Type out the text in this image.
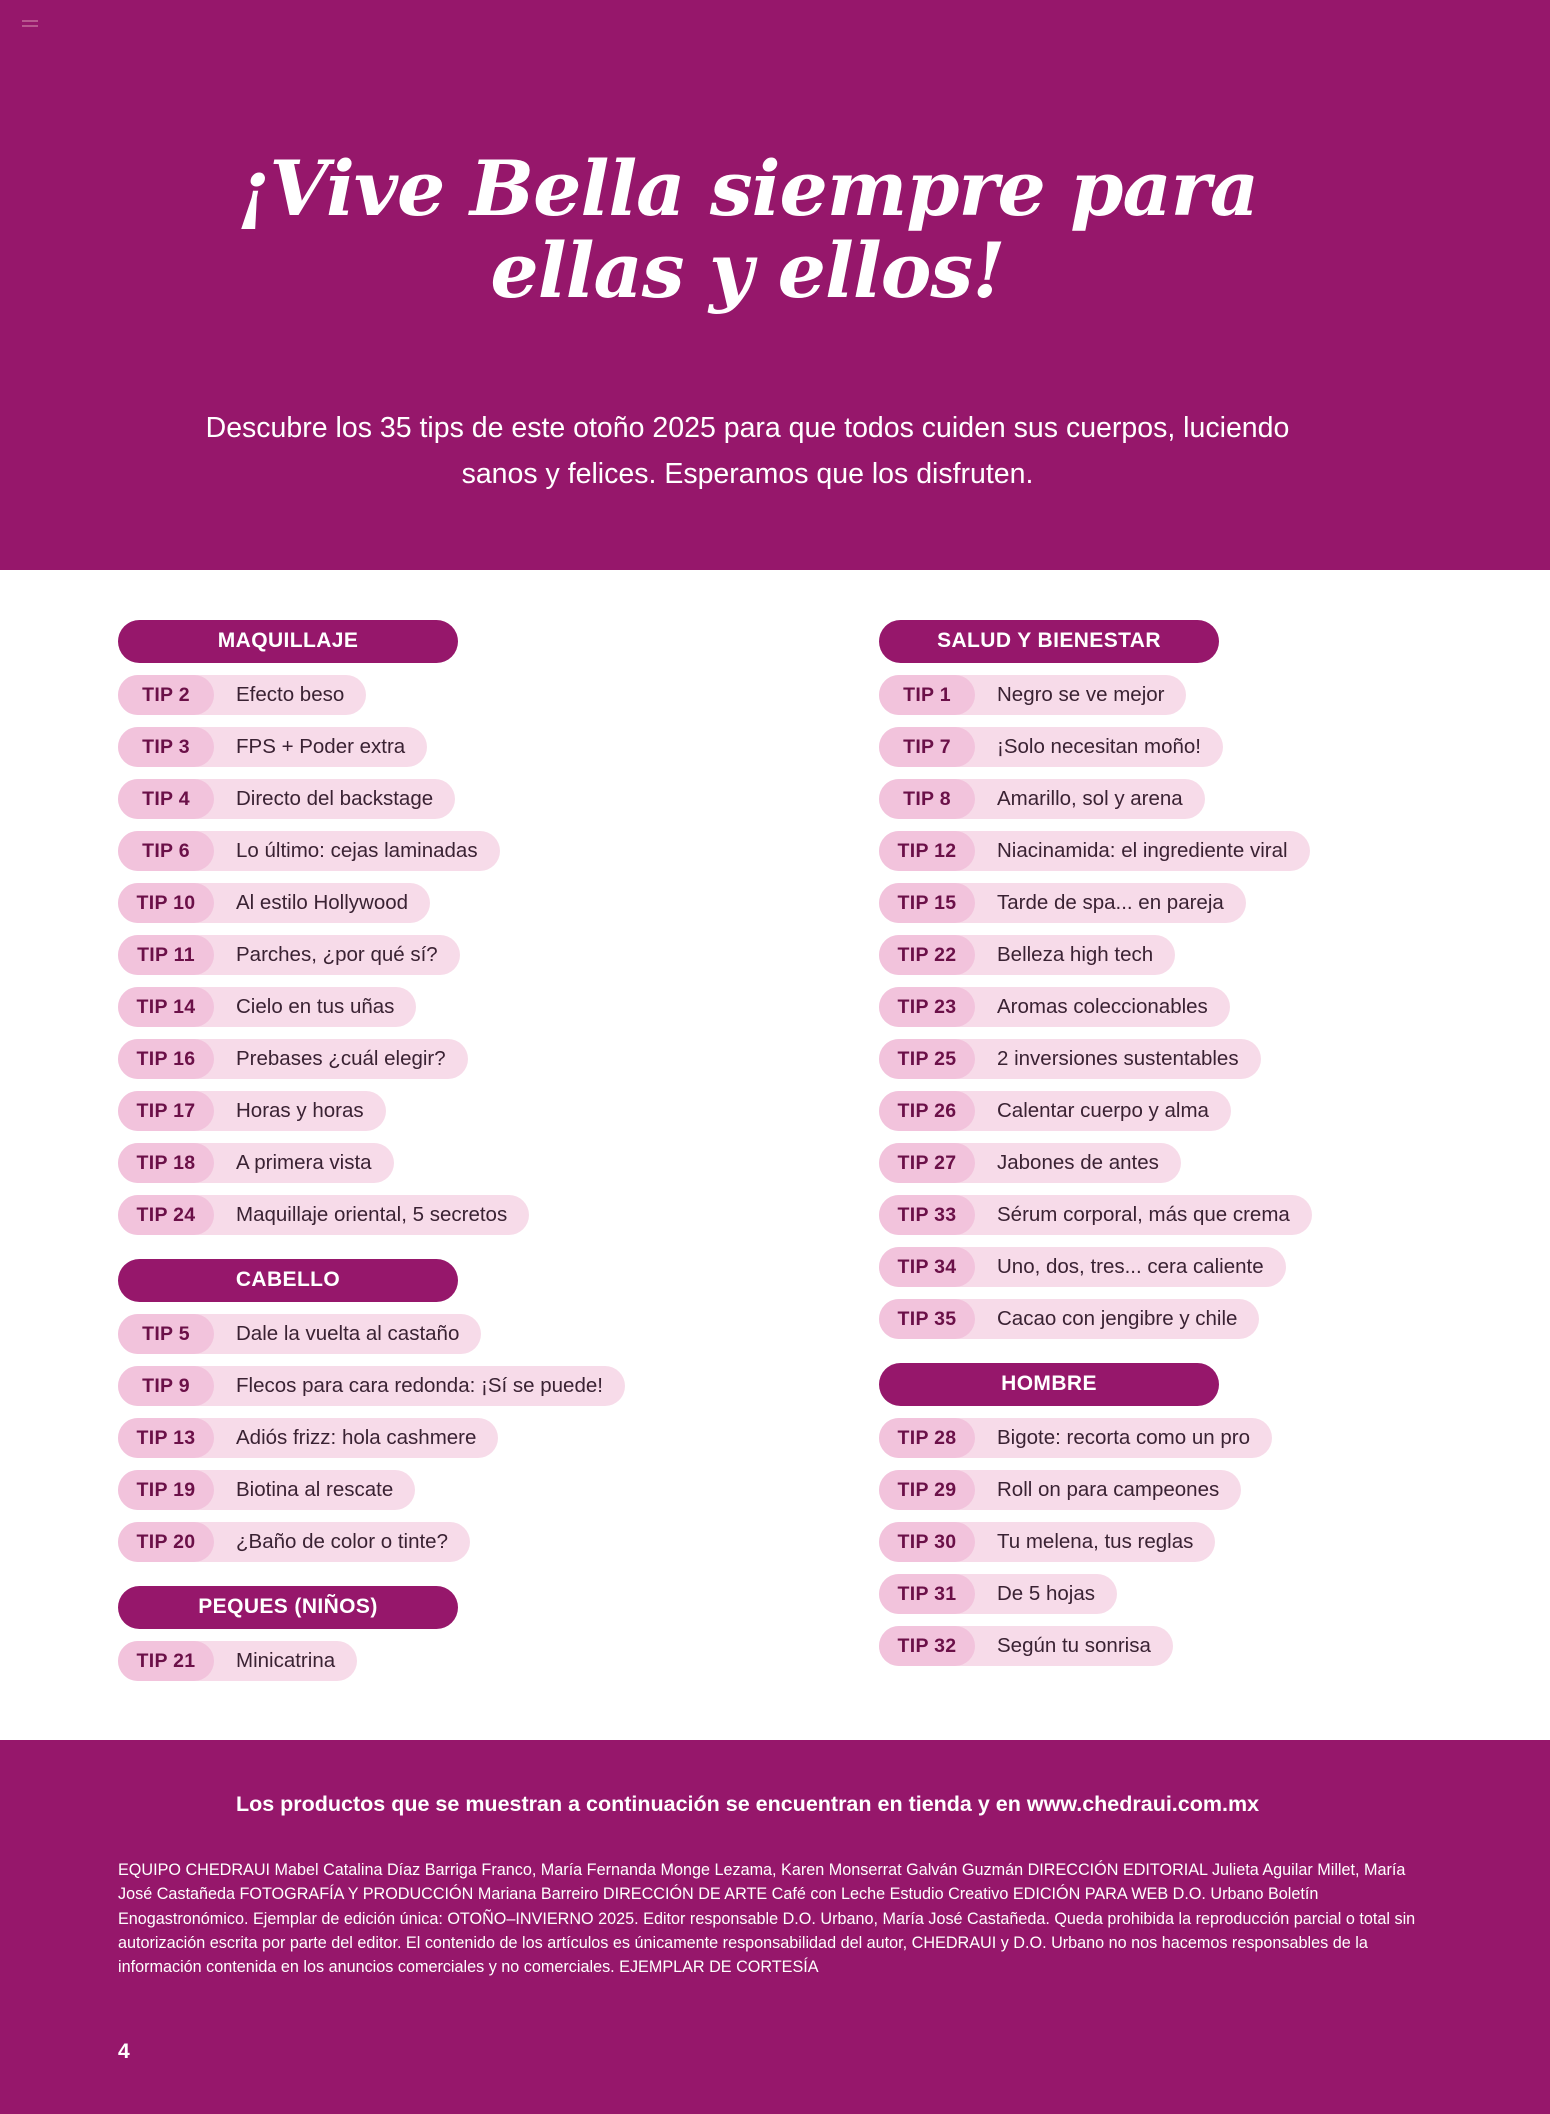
¡Vive Bella siempre para
ellas y ellos!
Descubre los 35 tips de este otoño 2025 para que todos cuiden sus cuerpos, luciendo sanos y felices. Esperamos que los disfruten.
MAQUILLAJE
TIP 2	Efecto beso

TIP 3	FPS + Poder extra

TIP 4	Directo del backstage

TIP 6	Lo último: cejas laminadas

TIP 10	Al estilo Hollywood

TIP 11	Parches, ¿por qué sí?

TIP 14	Cielo en tus uñas

TIP 16	Prebases ¿cuál elegir?

TIP 17	Horas y horas

TIP 18	A primera vista

TIP 24	Maquillaje oriental, 5 secretos

CABELLO
TIP 5	Dale la vuelta al castaño

TIP 9	Flecos para cara redonda: ¡Sí se puede!

TIP 13	Adiós frizz: hola cashmere

TIP 19	Biotina al rescate

TIP 20	¿Baño de color o tinte?

PEQUES (NIÑOS)
TIP 21	Minicatrina

SALUD Y BIENESTAR
TIP 1	Negro se ve mejor

TIP 7	¡Solo necesitan moño!

TIP 8	Amarillo, sol y arena

TIP 12	Niacinamida: el ingrediente viral

TIP 15	Tarde de spa... en pareja

TIP 22	Belleza high tech

TIP 23	Aromas coleccionables

TIP 25	2 inversiones sustentables

TIP 26	Calentar cuerpo y alma

TIP 27	Jabones de antes

TIP 33	Sérum corporal, más que crema

TIP 34	Uno, dos, tres... cera caliente

TIP 35	Cacao con jengibre y chile

HOMBRE
TIP 28	Bigote: recorta como un pro

TIP 29	Roll on para campeones

TIP 30	Tu melena, tus reglas

TIP 31	De 5 hojas

TIP 32	Según tu sonrisa

Los productos que se muestran a continuación se encuentran en tienda y en www.chedraui.com.mx
EQUIPO CHEDRAUI Mabel Catalina Díaz Barriga Franco, María Fernanda Monge Lezama, Karen Monserrat Galván Guzmán DIRECCIÓN EDITORIAL Julieta Aguilar Millet, María José Castañeda FOTOGRAFÍA Y PRODUCCIÓN Mariana Barreiro DIRECCIÓN DE ARTE Café con Leche Estudio Creativo EDICIÓN PARA WEB D.O. Urbano Boletín Enogastronómico. Ejemplar de edición única: OTOÑO–INVIERNO 2025. Editor responsable D.O. Urbano, María José Castañeda. Queda prohibida la reproducción parcial o total sin autorización escrita por parte del editor. El contenido de los artículos es únicamente responsabilidad del autor, CHEDRAUI y D.O. Urbano no nos hacemos responsables de la información contenida en los anuncios comerciales y no comerciales. EJEMPLAR DE CORTESÍA
4
